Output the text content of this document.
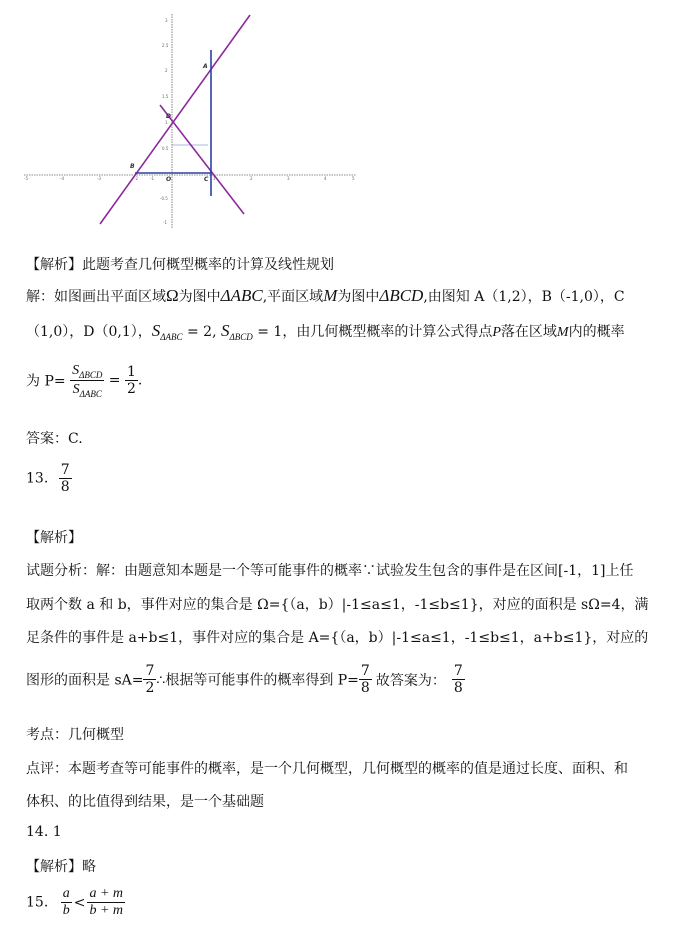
-5	-4	-3	-2	-1	1	2	3	4	5
3
2.5
2
1.5
1
0.5
-0.5
-1
A
B
C
D
O
【解析】此题考查几何概型概率的计算及线性规划
解：如图画出平面区域Ω为图中ΔABC,平面区域M为图中ΔBCD,由图知 A（1,2），B（-1,0），C
（1,0），D（0,1），$S_{\Delta ABC} = 2$, $S_{\Delta BCD} = 1$，由几何概型概率的计算公式得点P落在区域M内的概率
为 $P= \frac{S_{\Delta BCD}}{S_{\Delta ABC}} = \frac{1}{2}$ .
答案：C.
13. $\frac{7}{8}$
【解析】
试题分析：解：由题意知本题是一个等可能事件的概率∵试验发生包含的事件是在区间[-1，1]上任
取两个数 a 和 b，事件对应的集合是 Ω={（a，b）|-1≤a≤1，-1≤b≤1}，对应的面积是 sΩ=4，满
足条件的事件是 a+b≤1，事件对应的集合是 A={（a，b）|-1≤a≤1，-1≤b≤1，a+b≤1}，对应的
图形的面积是 $sA= \frac{7}{2}$ ∴根据等可能事件的概率得到 $P= \frac{7}{8}$ 故答案为： $\frac{7}{8}$
考点：几何概型
点评：本题考查等可能事件的概率，是一个几何概型，几何概型的概率的值是通过长度、面积、和
体积、的比值得到结果，是一个基础题
14. 1
【解析】略
15. $\frac{a}{b} < \frac{a + m}{b + m}$
